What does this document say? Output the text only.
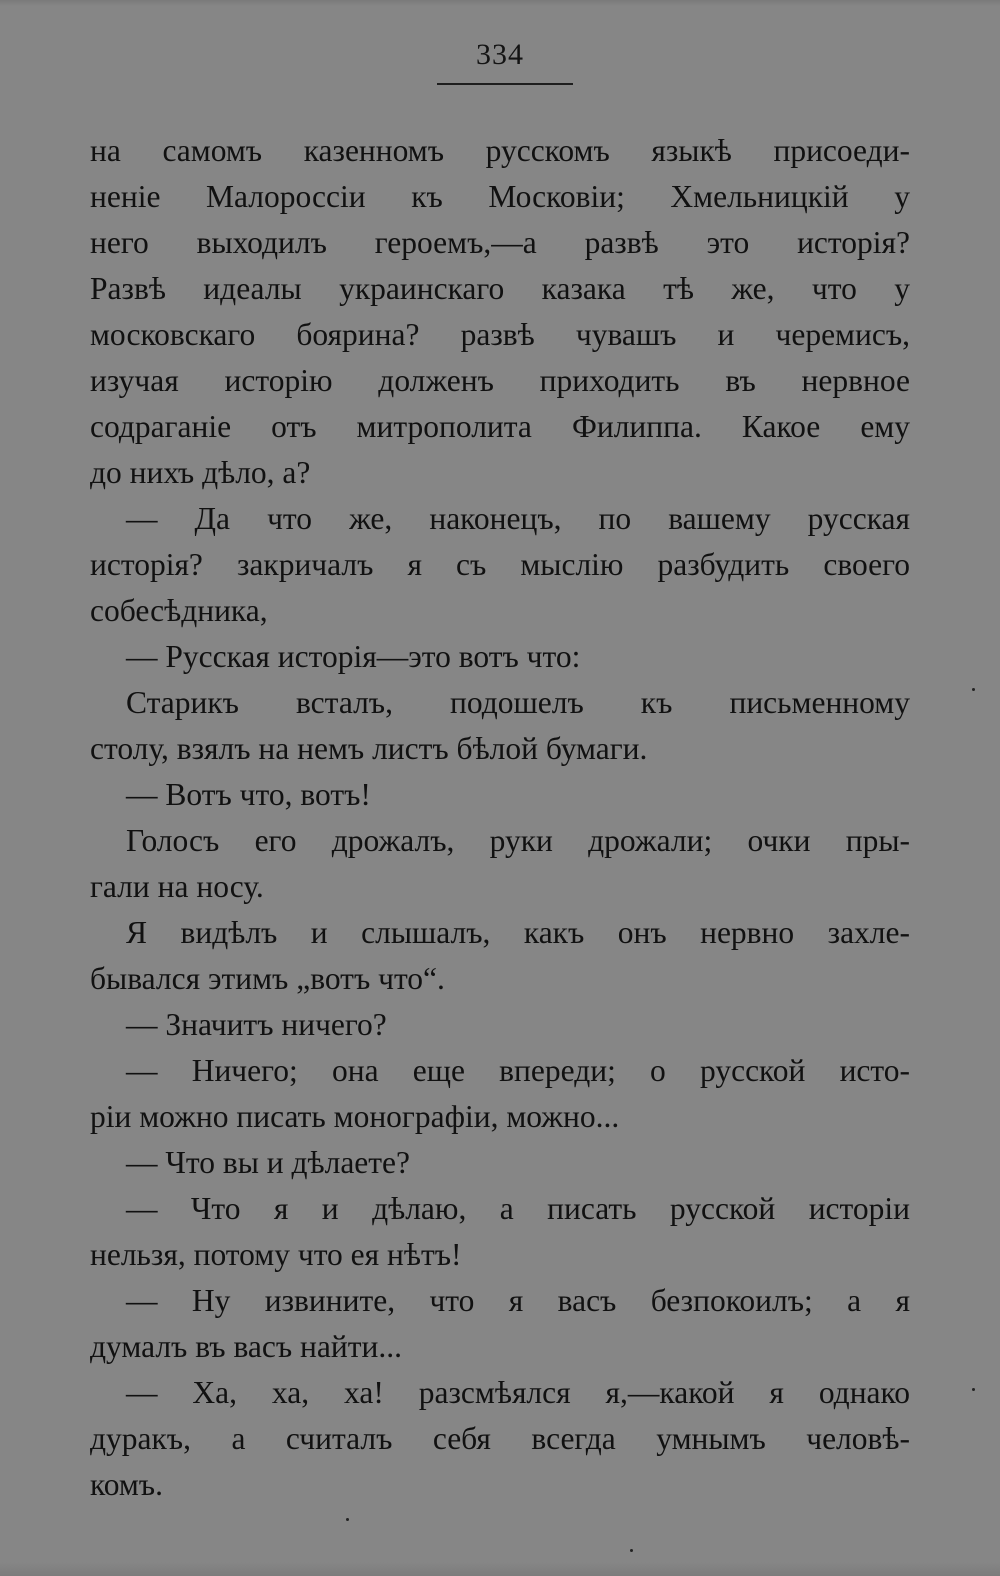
334
на самомъ казенномъ русскомъ языкѣ присоеди-
неніе Малороссіи къ Московіи; Хмельницкій у
него выходилъ героемъ,—а развѣ это исторія?
Развѣ идеалы украинскаго казака тѣ же, что у
московскаго боярина? развѣ чувашъ и черемисъ,
изучая исторію долженъ приходить въ нервное
содраганіе отъ митрополита Филиппа. Какое ему
до нихъ дѣло, а?
— Да что же, наконецъ, по вашему русская
исторія? закричалъ я съ мыслію разбудить своего
собесѣдника,
— Русская исторія—это вотъ что:
Старикъ всталъ, подошелъ къ письменному
столу, взялъ на немъ листъ бѣлой бумаги.
— Вотъ что, вотъ!
Голосъ его дрожалъ, руки дрожали; очки пры-
гали на носу.
Я видѣлъ и слышалъ, какъ онъ нервно захле-
бывался этимъ „вотъ что“.
— Значитъ ничего?
— Ничего; она еще впереди; о русской исто-
ріи можно писать монографіи, можно...
— Что вы и дѣлаете?
— Что я и дѣлаю, а писать русской исторіи
нельзя, потому что ея нѣтъ!
— Ну извините, что я васъ безпокоилъ; а я
думалъ въ васъ найти...
— Ха, ха, ха! разсмѣялся я,—какой я однако
дуракъ, а считалъ себя всегда умнымъ человѣ-
комъ.
